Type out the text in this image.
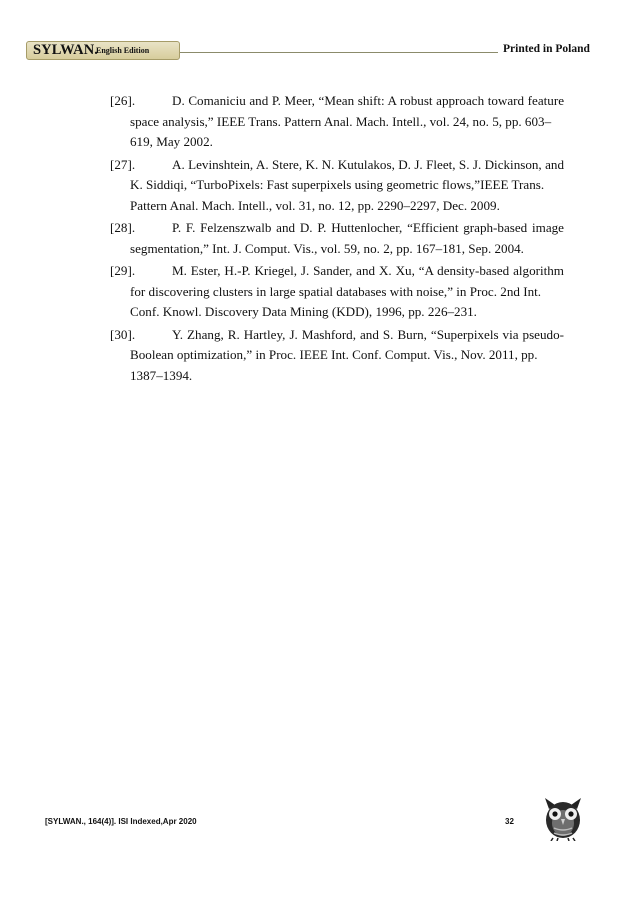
SYLWAN.
English Edition	Printed in Poland

[26].	D. Comaniciu and P. Meer, “Mean shift: A robust approach toward feature

space analysis,” IEEE Trans. Pattern Anal. Mach. Intell., vol. 24, no. 5, pp. 603–

619, May 2002.

[27].	A. Levinshtein, A. Stere, K. N. Kutulakos, D. J. Fleet, S. J. Dickinson, and

K. Siddiqi, “TurboPixels: Fast superpixels using geometric flows,”IEEE Trans.

Pattern Anal. Mach. Intell., vol. 31, no. 12, pp. 2290–2297, Dec. 2009.

[28].	P. F. Felzenszwalb and D. P. Huttenlocher, “Efficient graph-based image

segmentation,” Int. J. Comput. Vis., vol. 59, no. 2, pp. 167–181, Sep. 2004.

[29].	M. Ester, H.-P. Kriegel, J. Sander, and X. Xu, “A density-based algorithm

for discovering clusters in large spatial databases with noise,” in Proc. 2nd Int.

Conf. Knowl. Discovery Data Mining (KDD), 1996, pp. 226–231.

[30].	Y. Zhang, R. Hartley, J. Mashford, and S. Burn, “Superpixels via pseudo-

Boolean optimization,” in Proc. IEEE Int. Conf. Comput. Vis., Nov. 2011, pp.

1387–1394.

[SYLWAN., 164(4)]. ISI Indexed,Apr 2020	32
